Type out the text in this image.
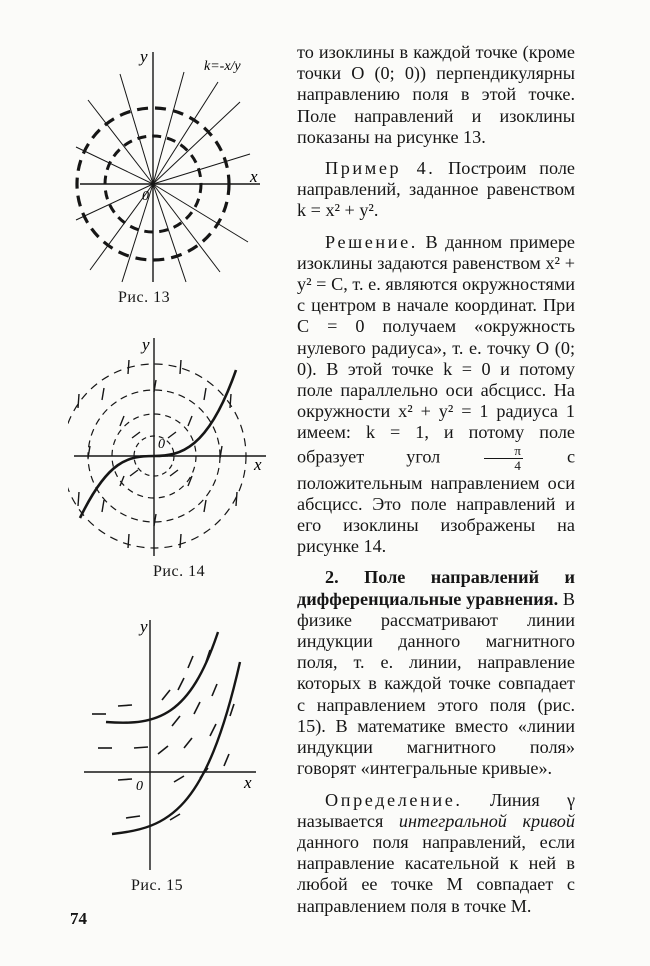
y
x
0
k=-x/y
Рис. 13
y
x
0
Рис. 14
y
x
0
Рис. 15

то изоклины в каждой точке (кроме точки O (0; 0)) перпендикулярны направлению поля в этой точке. Поле направлений и изоклины показаны на рисунке 13.

Пример 4. Построим поле направлений, заданное равенством k = x² + y².

Решение. В данном примере изоклины задаются равенством x² + y² = C, т. е. являются окружностями с центром в начале координат. При C = 0 получаем «окружность нулевого радиуса», т. е. точку O (0; 0). В этой точке k = 0 и потому поле параллельно оси абсцисс. На окружности x² + y² = 1 радиуса 1 имеем: k = 1, и потому поле образует угол	$\frac{\pi}{4}$ с положительным направлением оси абсцисс. Это поле направлений и его изоклины изображены на рисунке 14.

2. Поле направлений и дифференциальные уравнения. В физике рассматривают линии индукции данного магнитного поля, т. е. линии, направление которых в каждой точке совпадает с направлением этого поля (рис. 15). В математике вместо «линии индукции магнитного поля» говорят «интегральные кривые».

Определение. Линия γ называется интегральной кривой данного поля направлений, если направление касательной к ней в любой ее точке M совпадает с направлением поля в точке M.

74
